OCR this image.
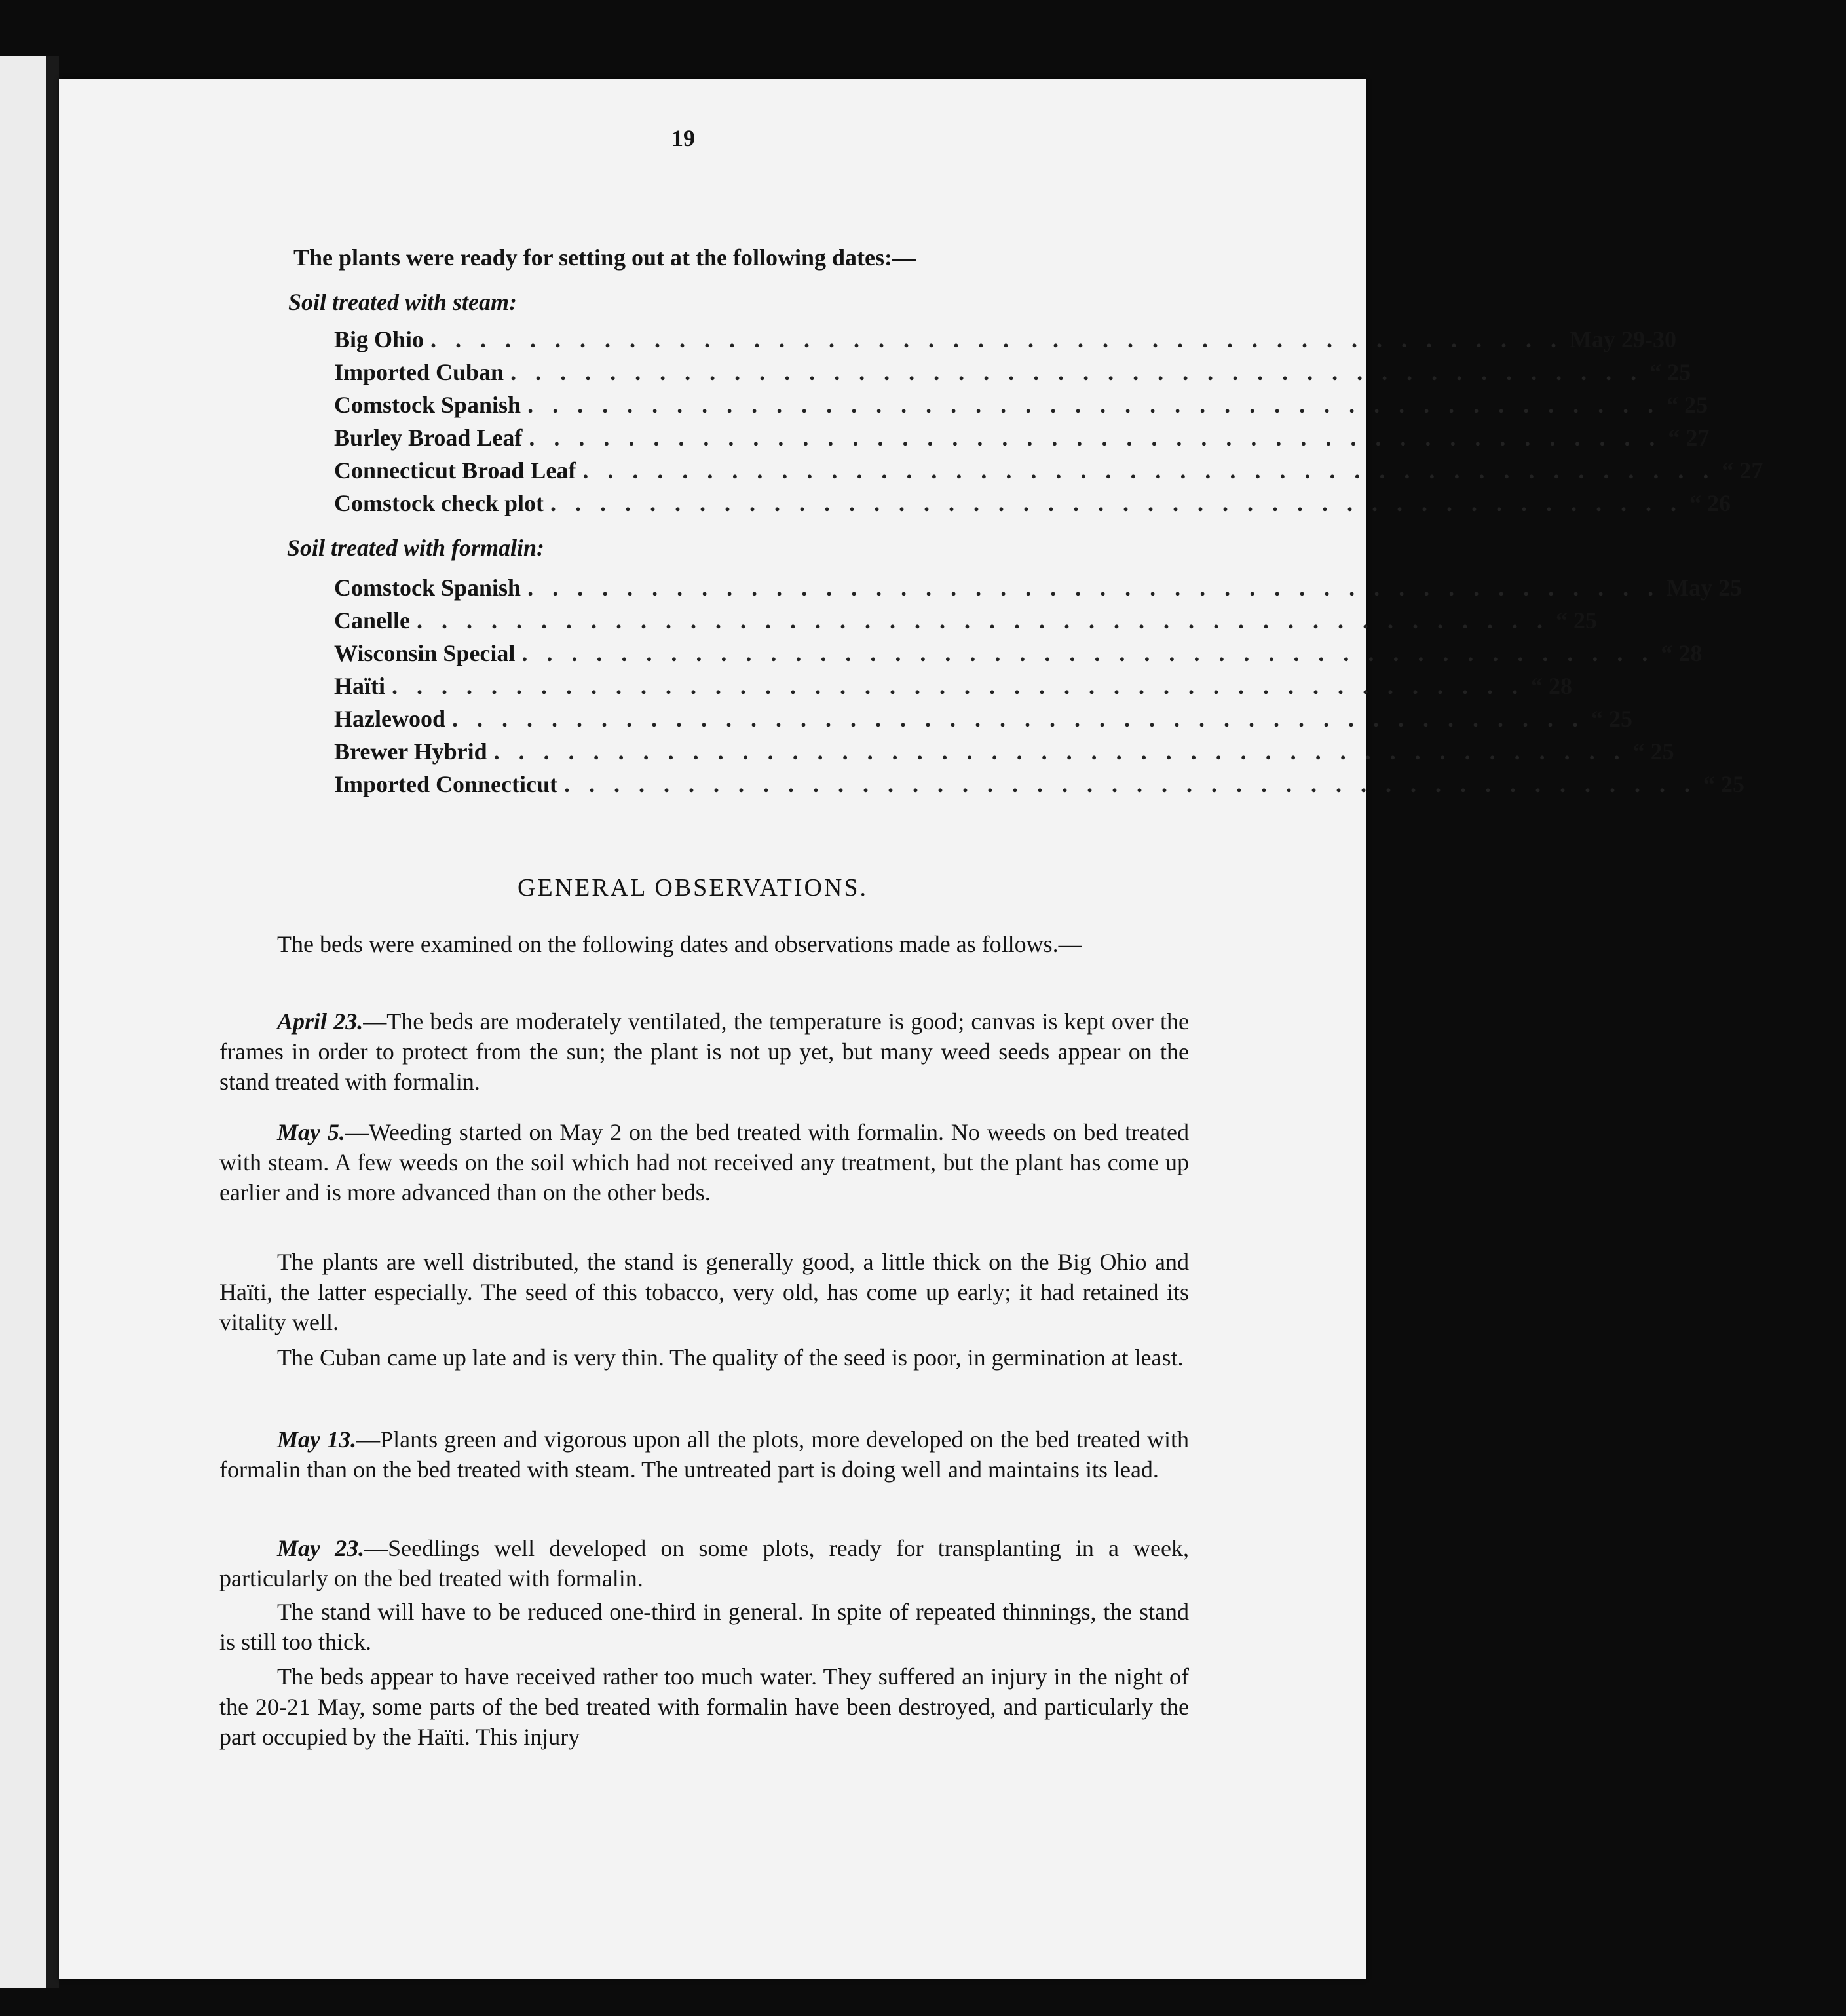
19
The plants were ready for setting out at the following dates:—
Soil treated with steam:
Big Ohio . . . . . . . . . . . . . . . . . . . . . . . . . . . . . . . . . . . . . . . . . . . . . . May 29-30
Imported Cuban . . . . . . . . . . . . . . . . . . . . . . . . . . . . . . . . . . . . . . . . . . . . . . “ 25
Comstock Spanish . . . . . . . . . . . . . . . . . . . . . . . . . . . . . . . . . . . . . . . . . . . . . . “ 25
Burley Broad Leaf . . . . . . . . . . . . . . . . . . . . . . . . . . . . . . . . . . . . . . . . . . . . . . “ 27
Connecticut Broad Leaf . . . . . . . . . . . . . . . . . . . . . . . . . . . . . . . . . . . . . . . . . . . . . . “ 27
Comstock check plot . . . . . . . . . . . . . . . . . . . . . . . . . . . . . . . . . . . . . . . . . . . . . . “ 26
Soil treated with formalin:
Comstock Spanish . . . . . . . . . . . . . . . . . . . . . . . . . . . . . . . . . . . . . . . . . . . . . . May 25
Canelle . . . . . . . . . . . . . . . . . . . . . . . . . . . . . . . . . . . . . . . . . . . . . . “ 25
Wisconsin Special . . . . . . . . . . . . . . . . . . . . . . . . . . . . . . . . . . . . . . . . . . . . . . “ 28
Haïti . . . . . . . . . . . . . . . . . . . . . . . . . . . . . . . . . . . . . . . . . . . . . . “ 28
Hazlewood . . . . . . . . . . . . . . . . . . . . . . . . . . . . . . . . . . . . . . . . . . . . . . “ 25
Brewer Hybrid . . . . . . . . . . . . . . . . . . . . . . . . . . . . . . . . . . . . . . . . . . . . . . “ 25
Imported Connecticut . . . . . . . . . . . . . . . . . . . . . . . . . . . . . . . . . . . . . . . . . . . . . . “ 25
GENERAL OBSERVATIONS.
The beds were examined on the following dates and observations made as follows.—
April 23.—The beds are moderately ventilated, the temperature is good; canvas is kept over the frames in order to protect from the sun; the plant is not up yet, but many weed seeds appear on the stand treated with formalin.
May 5.—Weeding started on May 2 on the bed treated with formalin. No weeds on bed treated with steam. A few weeds on the soil which had not received any treatment, but the plant has come up earlier and is more advanced than on the other beds.
The plants are well distributed, the stand is generally good, a little thick on the Big Ohio and Haïti, the latter especially. The seed of this tobacco, very old, has come up early; it had retained its vitality well.
The Cuban came up late and is very thin. The quality of the seed is poor, in germination at least.
May 13.—Plants green and vigorous upon all the plots, more developed on the bed treated with formalin than on the bed treated with steam. The untreated part is doing well and maintains its lead.
May 23.—Seedlings well developed on some plots, ready for transplanting in a week, particularly on the bed treated with formalin.
The stand will have to be reduced one-third in general. In spite of repeated thinnings, the stand is still too thick.
The beds appear to have received rather too much water. They suffered an injury in the night of the 20-21 May, some parts of the bed treated with formalin have been destroyed, and particularly the part occupied by the Haïti. This injury
